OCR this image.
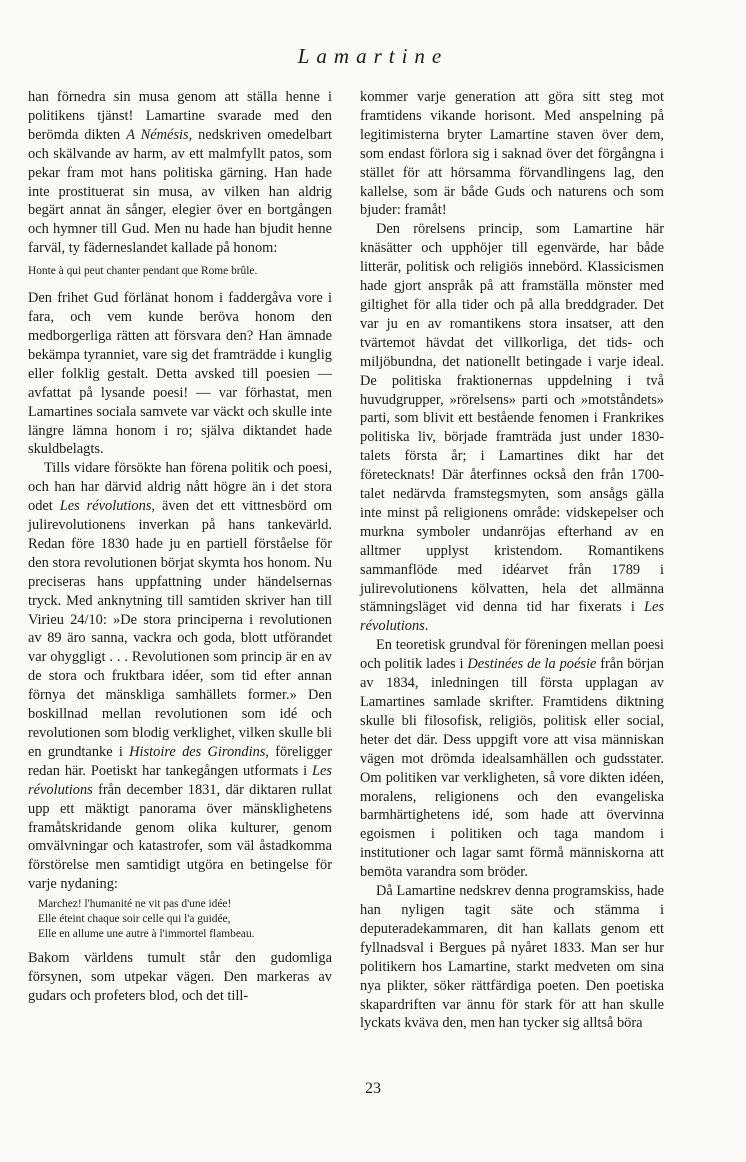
Lamartine

han förnedra sin musa genom att ställa henne i politikens tjänst! Lamartine svarade med den berömda dikten A Némésis, nedskriven omedelbart och skälvande av harm, av ett malmfyllt patos, som pekar fram mot hans politiska gärning. Han hade inte prostituerat sin musa, av vilken han aldrig begärt annat än sånger, elegier över en bortgången och hymner till Gud. Men nu hade han bjudit henne farväl, ty fäderneslandet kallade på honom:

Honte à qui peut chanter pendant que Rome brûle.

Den frihet Gud förlänat honom i faddergåva vore i fara, och vem kunde beröva honom den medborgerliga rätten att försvara den? Han ämnade bekämpa tyranniet, vare sig det framträdde i kunglig eller folklig gestalt. Detta avsked till poesien — avfattat på lysande poesi! — var förhastat, men Lamartines sociala samvete var väckt och skulle inte längre lämna honom i ro; själva diktandet hade skuldbelagts.

Tills vidare försökte han förena politik och poesi, och han har därvid aldrig nått högre än i det stora odet Les révolutions, även det ett vittnesbörd om julirevolutionens inverkan på hans tankevärld. Redan före 1830 hade ju en partiell förståelse för den stora revolutionen börjat skymta hos honom. Nu preciseras hans uppfattning under händelsernas tryck. Med anknytning till samtiden skriver han till Virieu 24/10: »De stora principerna i revolutionen av 89 äro sanna, vackra och goda, blott utförandet var ohyggligt . . . Revolutionen som princip är en av de stora och fruktbara idéer, som tid efter annan förnya det mänskliga samhällets former.» Den boskillnad mellan revolutionen som idé och revolutionen som blodig verklighet, vilken skulle bli en grundtanke i Histoire des Girondins, föreligger redan här. Poetiskt har tankegången utformats i Les révolutions från december 1831, där diktaren rullat upp ett mäktigt panorama över mänsklighetens framåtskridande genom olika kulturer, genom omvälvningar och katastrofer, som väl åstadkomma förstörelse men samtidigt utgöra en betingelse för varje nydaning:

Marchez! l'humanité ne vit pas d'une idée!
Elle éteint chaque soir celle qui l'a guidée,
Elle en allume une autre à l'immortel flambeau.

Bakom världens tumult står den gudomliga försynen, som utpekar vägen. Den markeras av gudars och profeters blod, och det till-

kommer varje generation att göra sitt steg mot framtidens vikande horisont. Med anspelning på legitimisterna bryter Lamartine staven över dem, som endast förlora sig i saknad över det förgångna i stället för att hörsamma förvandlingens lag, den kallelse, som är både Guds och naturens och som bjuder: framåt!

Den rörelsens princip, som Lamartine här knäsätter och upphöjer till egenvärde, har både litterär, politisk och religiös innebörd. Klassicismen hade gjort anspråk på att framställa mönster med giltighet för alla tider och på alla breddgrader. Det var ju en av romantikens stora insatser, att den tvärtemot hävdat det villkorliga, det tids- och miljöbundna, det nationellt betingade i varje ideal. De politiska fraktionernas uppdelning i två huvudgrupper, »rörelsens» parti och »motståndets» parti, som blivit ett bestående fenomen i Frankrikes politiska liv, började framträda just under 1830-talets första år; i Lamartines dikt har det företecknats! Där återfinnes också den från 1700-talet nedärvda framstegsmyten, som ansågs gälla inte minst på religionens område: vidskepelser och murkna symboler undanröjas efterhand av en alltmer upplyst kristendom. Romantikens sammanflöde med idéarvet från 1789 i julirevolutionens kölvatten, hela det allmänna stämningsläget vid denna tid har fixerats i Les révolutions.

En teoretisk grundval för föreningen mellan poesi och politik lades i Destinées de la poésie från början av 1834, inledningen till första upplagan av Lamartines samlade skrifter. Framtidens diktning skulle bli filosofisk, religiös, politisk eller social, heter det där. Dess uppgift vore att visa människan vägen mot drömda idealsamhällen och gudsstater. Om politiken var verkligheten, så vore dikten idéen, moralens, religionens och den evangeliska barmhärtighetens idé, som hade att övervinna egoismen i politiken och taga mandom i institutioner och lagar samt förmå människorna att bemöta varandra som bröder.

Då Lamartine nedskrev denna programskiss, hade han nyligen tagit säte och stämma i deputeradekammaren, dit han kallats genom ett fyllnadsval i Bergues på nyåret 1833. Man ser hur politikern hos Lamartine, starkt medveten om sina nya plikter, söker rättfärdiga poeten. Den poetiska skapardriften var ännu för stark för att han skulle lyckats kväva den, men han tycker sig alltså böra

23
